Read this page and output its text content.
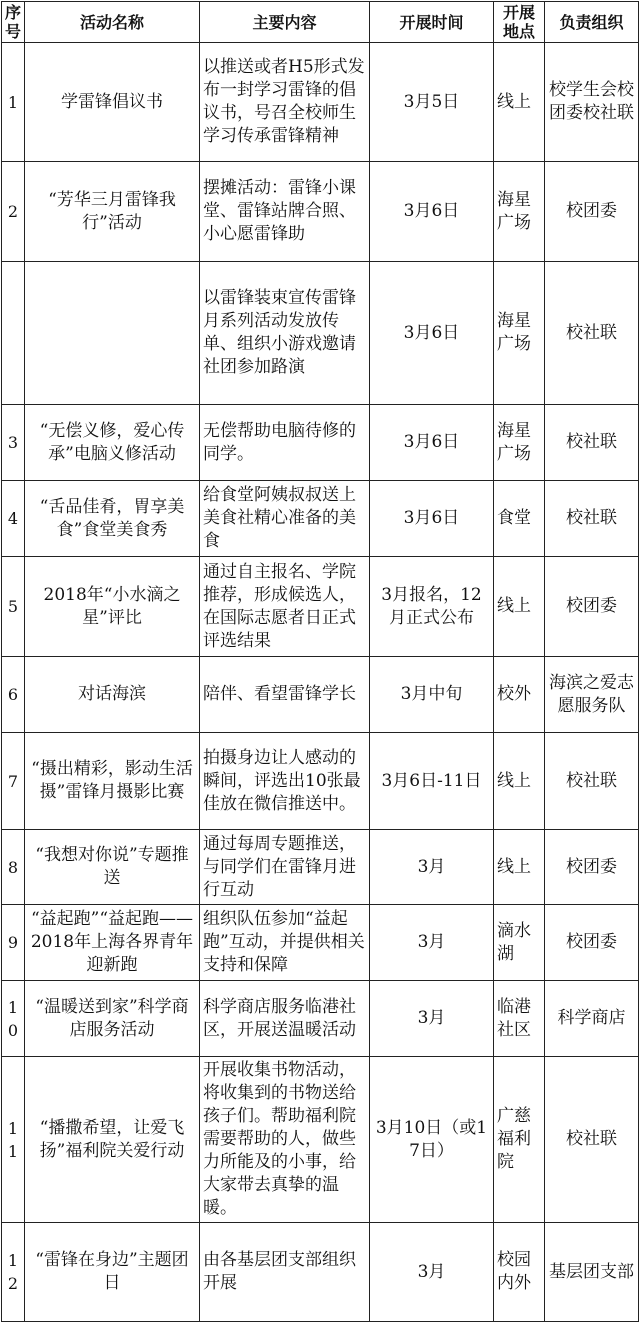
序号	活动名称	主要内容	开展时间	开展地点	负责组织
1	学雷锋倡议书	以推送或者H5形式发布一封学习雷锋的倡议书，号召全校师生学习传承雷锋精神	3月5日	线上	校学生会校团委校社联
2	“芳华三月雷锋我行”活动	摆摊活动：雷锋小课堂、雷锋站牌合照、小心愿雷锋助	3月6日	海星广场	校团委
		以雷锋装束宣传雷锋月系列活动发放传单、组织小游戏邀请社团参加路演	3月6日	海星广场	校社联
3	“无偿义修，爱心传承”电脑义修活动	无偿帮助电脑待修的同学。	3月6日	海星广场	校社联
4	“舌品佳肴，胃享美食”食堂美食秀	给食堂阿姨叔叔送上美食社精心准备的美食	3月6日	食堂	校社联
5	2018年“小水滴之星”评比	通过自主报名、学院推荐，形成候选人，在国际志愿者日正式评选结果	3月报名，12月正式公布	线上	校团委
6	对话海滨	陪伴、看望雷锋学长	3月中旬	校外	海滨之爱志愿服务队
7	“摄出精彩，影动生活摄”雷锋月摄影比赛	拍摄身边让人感动的瞬间，评选出10张最佳放在微信推送中。	3月6日-11日	线上	校社联
8	“我想对你说”专题推送	通过每周专题推送，与同学们在雷锋月进行互动	3月	线上	校团委
9	“益起跑”“益起跑——2018年上海各界青年迎新跑	组织队伍参加“益起跑”互动，并提供相关支持和保障	3月	滴水湖	校团委
10	“温暖送到家”科学商店服务活动	科学商店服务临港社区，开展送温暖活动	3月	临港社区	科学商店
11	“播撒希望，让爱飞扬”福利院关爱行动	开展收集书物活动，将收集到的书物送给孩子们。帮助福利院需要帮助的人，做些力所能及的小事，给大家带去真挚的温暖。	3月10日（或17日）	广慈福利院	校社联
12	“雷锋在身边”主题团日	由各基层团支部组织开展	3月	校园内外	基层团支部
